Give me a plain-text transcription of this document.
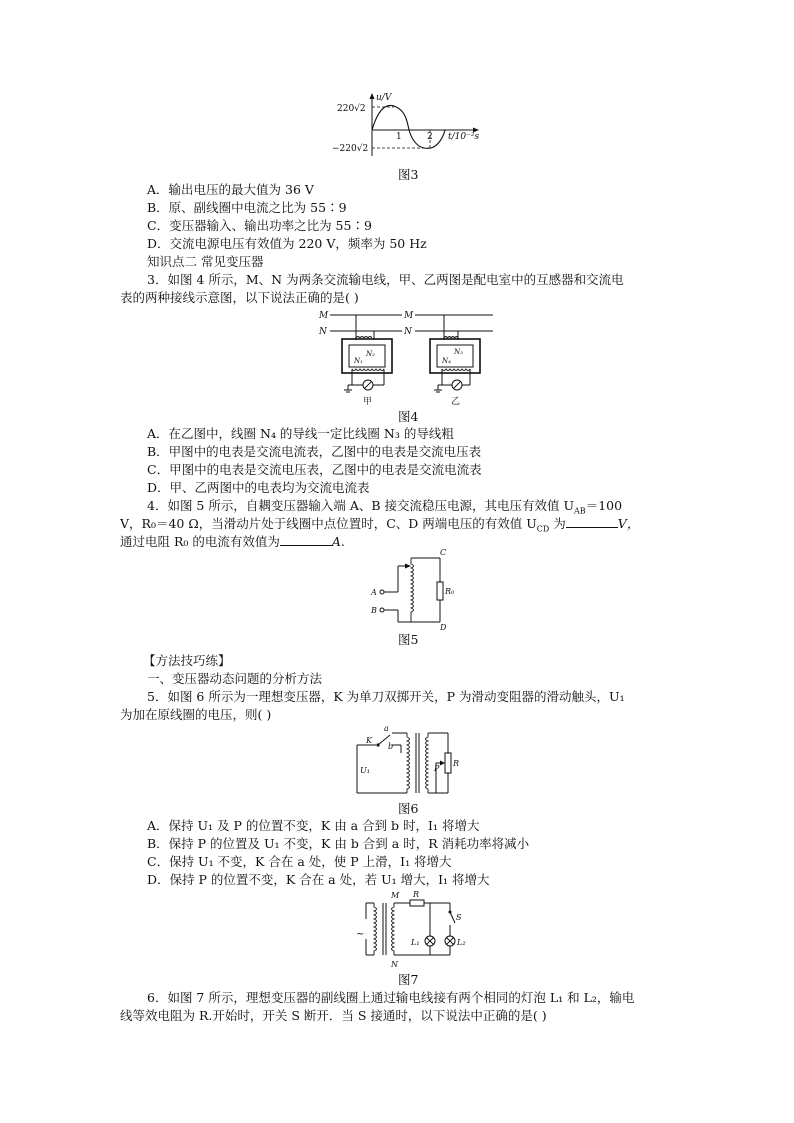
u/V
220√2
−220√2
1	2 t/10⁻²s
图3
A．输出电压的最大值为 36 V
B．原、副线圈中电流之比为 55∶9
C．变压器输入、输出功率之比为 55∶9
D．交流电源电压有效值为 220 V，频率为 50 Hz
知识点二 常见变压器
3．如图 4 所示，M、N 为两条交流输电线，甲、乙两图是配电室中的互感器和交流电
表的两种接线示意图，以下说法正确的是( )
M
N
M
N
N₁
N₂
甲
N₃
N₄
乙
图4
A．在乙图中，线圈 N₄ 的导线一定比线圈 N₃ 的导线粗
B．甲图中的电表是交流电流表，乙图中的电表是交流电压表
C．甲图中的电表是交流电压表，乙图中的电表是交流电流表
D．甲、乙两图中的电表均为交流电流表
4．如图 5 所示，自耦变压器输入端 A、B 接交流稳压电源，其电压有效值 $U_{AB}=100$
V，R₀＝40 Ω，当滑动片处于线圈中点位置时，C、D 两端电压的有效值 $U_{CD}$ 为	V，
通过电阻 R₀ 的电流有效值为	A.
R₀
A
B
C
D
图5
【方法技巧练】
一、变压器动态问题的分析方法
5．如图 6 所示为一理想变压器，K 为单刀双掷开关，P 为滑动变阻器的滑动触头，U₁
为加在原线圈的电压，则( )
a
b
K
U₁	P
R
图6
A．保持 U₁ 及 P 的位置不变，K 由 a 合到 b 时，I₁ 将增大
B．保持 P 的位置及 U₁ 不变，K 由 b 合到 a 时，R 消耗功率将减小
C．保持 U₁ 不变，K 合在 a 处，使 P 上滑，I₁ 将增大
D．保持 P 的位置不变，K 合在 a 处，若 U₁ 增大，I₁ 将增大
~
M
N
R
L₁
S
L₂
图7
6．如图 7 所示，理想变压器的副线圈上通过输电线接有两个相同的灯泡 L₁ 和 L₂，输电
线等效电阻为 R.开始时，开关 S 断开．当 S 接通时，以下说法中正确的是( )
